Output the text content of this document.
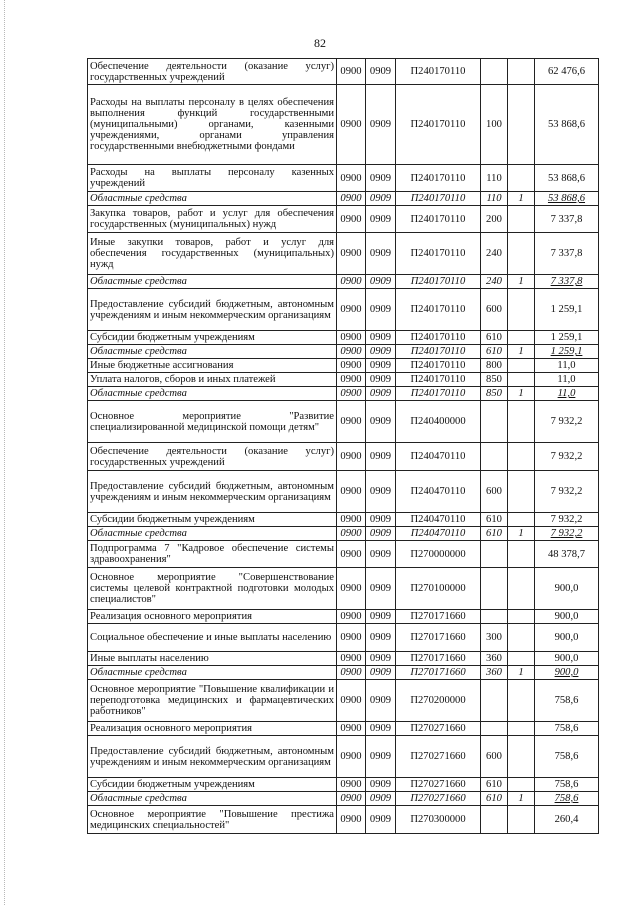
82
Обеспечение деятельности (оказание услуг) государственных учреждений	0900	0909	П240170110			62 476,6
Расходы на выплаты персоналу в целях обеспечения выполнения функций государственными (муниципальными) органами, казенными учреждениями, органами управления государственными внебюджетными фондами	0900	0909	П240170110	100		53 868,6
Расходы на выплаты персоналу казенных учреждений	0900	0909	П240170110	110		53 868,6
Областные средства	0900	0909	П240170110	110	1	53 868,6
Закупка товаров, работ и услуг для обеспечения государственных (муниципальных) нужд	0900	0909	П240170110	200		7 337,8
Иные закупки товаров, работ и услуг для обеспечения государственных (муниципальных) нужд	0900	0909	П240170110	240		7 337,8
Областные средства	0900	0909	П240170110	240	1	7 337,8
Предоставление субсидий бюджетным, автономным учреждениям и иным некоммерческим организациям	0900	0909	П240170110	600		1 259,1
Субсидии бюджетным учреждениям	0900	0909	П240170110	610		1 259,1
Областные средства	0900	0909	П240170110	610	1	1 259,1
Иные бюджетные ассигнования	0900	0909	П240170110	800		11,0
Уплата налогов, сборов и иных платежей	0900	0909	П240170110	850		11,0
Областные средства	0900	0909	П240170110	850	1	11,0
Основное мероприятие "Развитие специализированной медицинской помощи детям"	0900	0909	П240400000			7 932,2
Обеспечение деятельности (оказание услуг) государственных учреждений	0900	0909	П240470110			7 932,2
Предоставление субсидий бюджетным, автономным учреждениям и иным некоммерческим организациям	0900	0909	П240470110	600		7 932,2
Субсидии бюджетным учреждениям	0900	0909	П240470110	610		7 932,2
Областные средства	0900	0909	П240470110	610	1	7 932,2
Подпрограмма 7 "Кадровое обеспечение системы здравоохранения"	0900	0909	П270000000			48 378,7
Основное мероприятие "Совершенствование системы целевой контрактной подготовки молодых специалистов"	0900	0909	П270100000			900,0
Реализация основного мероприятия	0900	0909	П270171660			900,0
Социальное обеспечение и иные выплаты населению	0900	0909	П270171660	300		900,0
Иные выплаты населению	0900	0909	П270171660	360		900,0
Областные средства	0900	0909	П270171660	360	1	900,0
Основное мероприятие "Повышение квалификации и переподготовка медицинских и фармацевтических работников"	0900	0909	П270200000			758,6
Реализация основного мероприятия	0900	0909	П270271660			758,6
Предоставление субсидий бюджетным, автономным учреждениям и иным некоммерческим организациям	0900	0909	П270271660	600		758,6
Субсидии бюджетным учреждениям	0900	0909	П270271660	610		758,6
Областные средства	0900	0909	П270271660	610	1	758,6
Основное мероприятие "Повышение престижа медицинских специальностей"	0900	0909	П270300000			260,4
